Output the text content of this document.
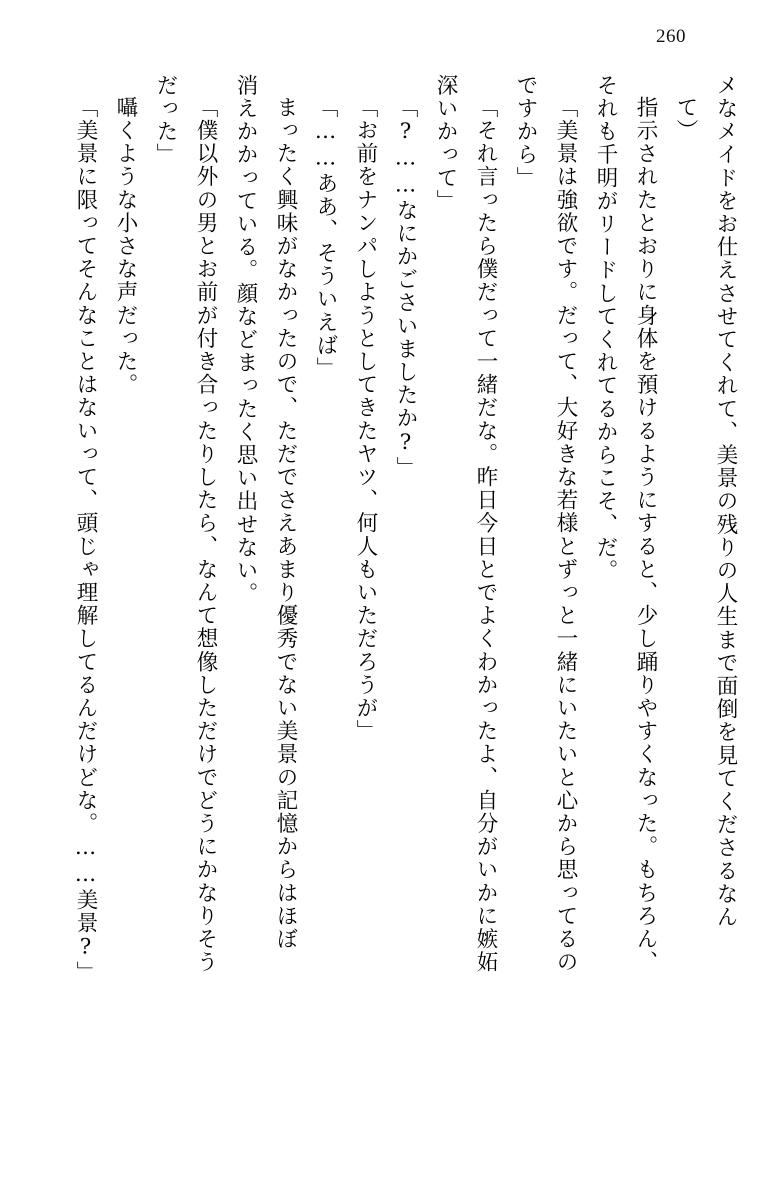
260
メなメイドをお仕えさせてくれて、美景の残りの人生まで面倒を見てくださるなん
て）
指示されたとおりに身体を預けるようにすると、少し踊りやすくなった。もちろん、
それも千明がリードしてくれてるからこそ、だ。
「美景は強欲です。だって、大好きな若様とずっと一緒にいたいと心から思ってるの
ですから」
「それ言ったら僕だって一緒だな。昨日今日とでよくわかったよ、自分がいかに嫉妬
深いかって」
「?……なにかごさいましたか?」
「お前をナンパしようとしてきたヤツ、何人もいただろうが」
「……ああ、そういえば」
まったく興味がなかったので、ただでさえあまり優秀でない美景の記憶からはほぼ
消えかかっている。顔などまったく思い出せない。
「僕以外の男とお前が付き合ったりしたら、なんて想像しただけでどうにかなりそう
だった」
囁くような小さな声だった。
「美景に限ってそんなことはないって、頭じゃ理解してるんだけどな。……美景?」
